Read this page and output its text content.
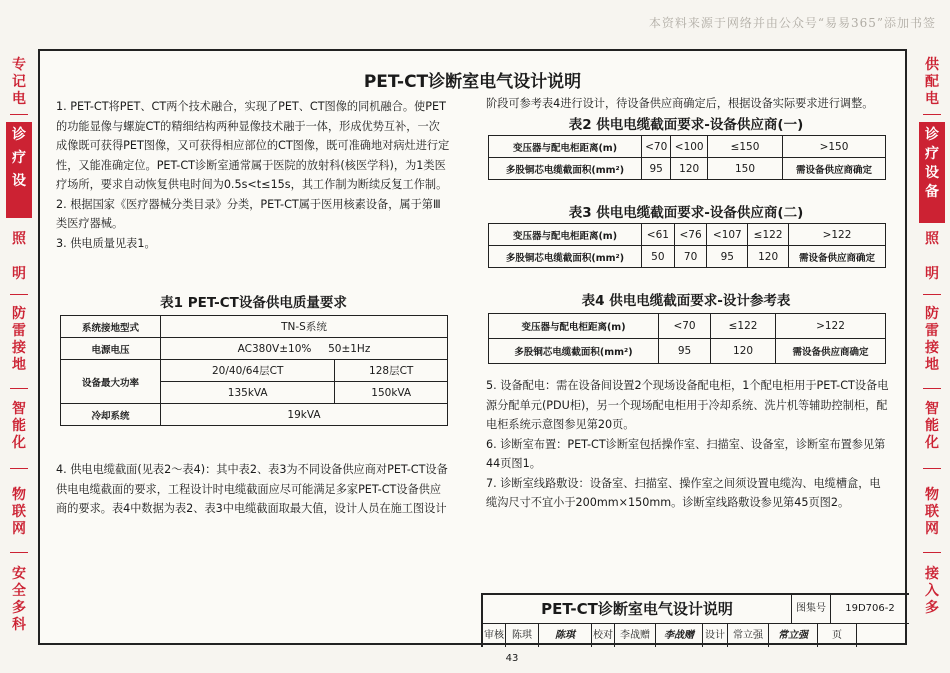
本资料来源于网络并由公众号“易易365”添加书签
专
记
电
诊
疗
设
照
明
防
雷
接
地
智
能
化
物
联
网
安
全
多
科
供
配
电
诊
疗
设
备
照
明
防
雷
接
地
智
能
化
物
联
网
接
入
多
PET-CT诊断室电气设计说明

1. PET-CT将PET、CT两个技术融合，实现了PET、CT图像的同机融合。使PET的功能显像与螺旋CT的精细结构两种显像技术融于一体，形成优势互补，一次成像既可获得PET图像，又可获得相应部位的CT图像，既可准确地对病灶进行定性，又能准确定位。PET-CT诊断室通常属于医院的放射科(核医学科)，为1类医疗场所，要求自动恢复供电时间为0.5s<t≤15s，其工作制为断续反复工作制。

2. 根据国家《医疗器械分类目录》分类，PET-CT属于医用核素设备，属于第Ⅲ类医疗器械。

3. 供电质量见表1。

表1 PET-CT设备供电质量要求
系统接地型式	TN-S系统	
电源电压	AC380V±10% 50±1Hz	
设备最大功率	20/40/64层CT	128层CT
	135kVA	150kVA
冷却系统	19kVA	

4. 供电电缆截面(见表2～表4)：其中表2、表3为不同设备供应商对PET-CT设备供电电缆截面的要求，工程设计时电缆截面应尽可能满足多家PET-CT设备供应商的要求。表4中数据为表2、表3中电缆截面取最大值，设计人员在施工图设计

阶段可参考表4进行设计，待设备供应商确定后，根据设备实际要求进行调整。
表2 供电电缆截面要求-设备供应商(一)
变压器与配电柜距离(m)	<70	<100	≤150	>150
多股铜芯电缆截面积(mm²)	95	120	150	需设备供应商确定
表3 供电电缆截面要求-设备供应商(二)
变压器与配电柜距离(m)	<61	<76	<107	≤122	>122
多股铜芯电缆截面积(mm²)	50	70	95	120	需设备供应商确定
表4 供电电缆截面要求-设计参考表
变压器与配电柜距离(m)	<70	≤122	>122
多股铜芯电缆截面积(mm²)	95	120	需设备供应商确定

5. 设备配电：需在设备间设置2个现场设备配电柜，1个配电柜用于PET-CT设备电源分配单元(PDU柜)，另一个现场配电柜用于冷却系统、洗片机等辅助控制柜，配电柜系统示意图参见第20页。

6. 诊断室布置：PET-CT诊断室包括操作室、扫描室、设备室，诊断室布置参见第44页图1。

7. 诊断室线路敷设：设备室、扫描室、操作室之间须设置电缆沟、电缆槽盒，电缆沟尺寸不宜小于200mm×150mm。诊断室线路敷设参见第45页图2。

PET-CT诊断室电气设计说明	图集号	19D706-2
审核 陈琪 陈琪 校对 李战赠 李战赠 设计 常立强 常立强 页43
